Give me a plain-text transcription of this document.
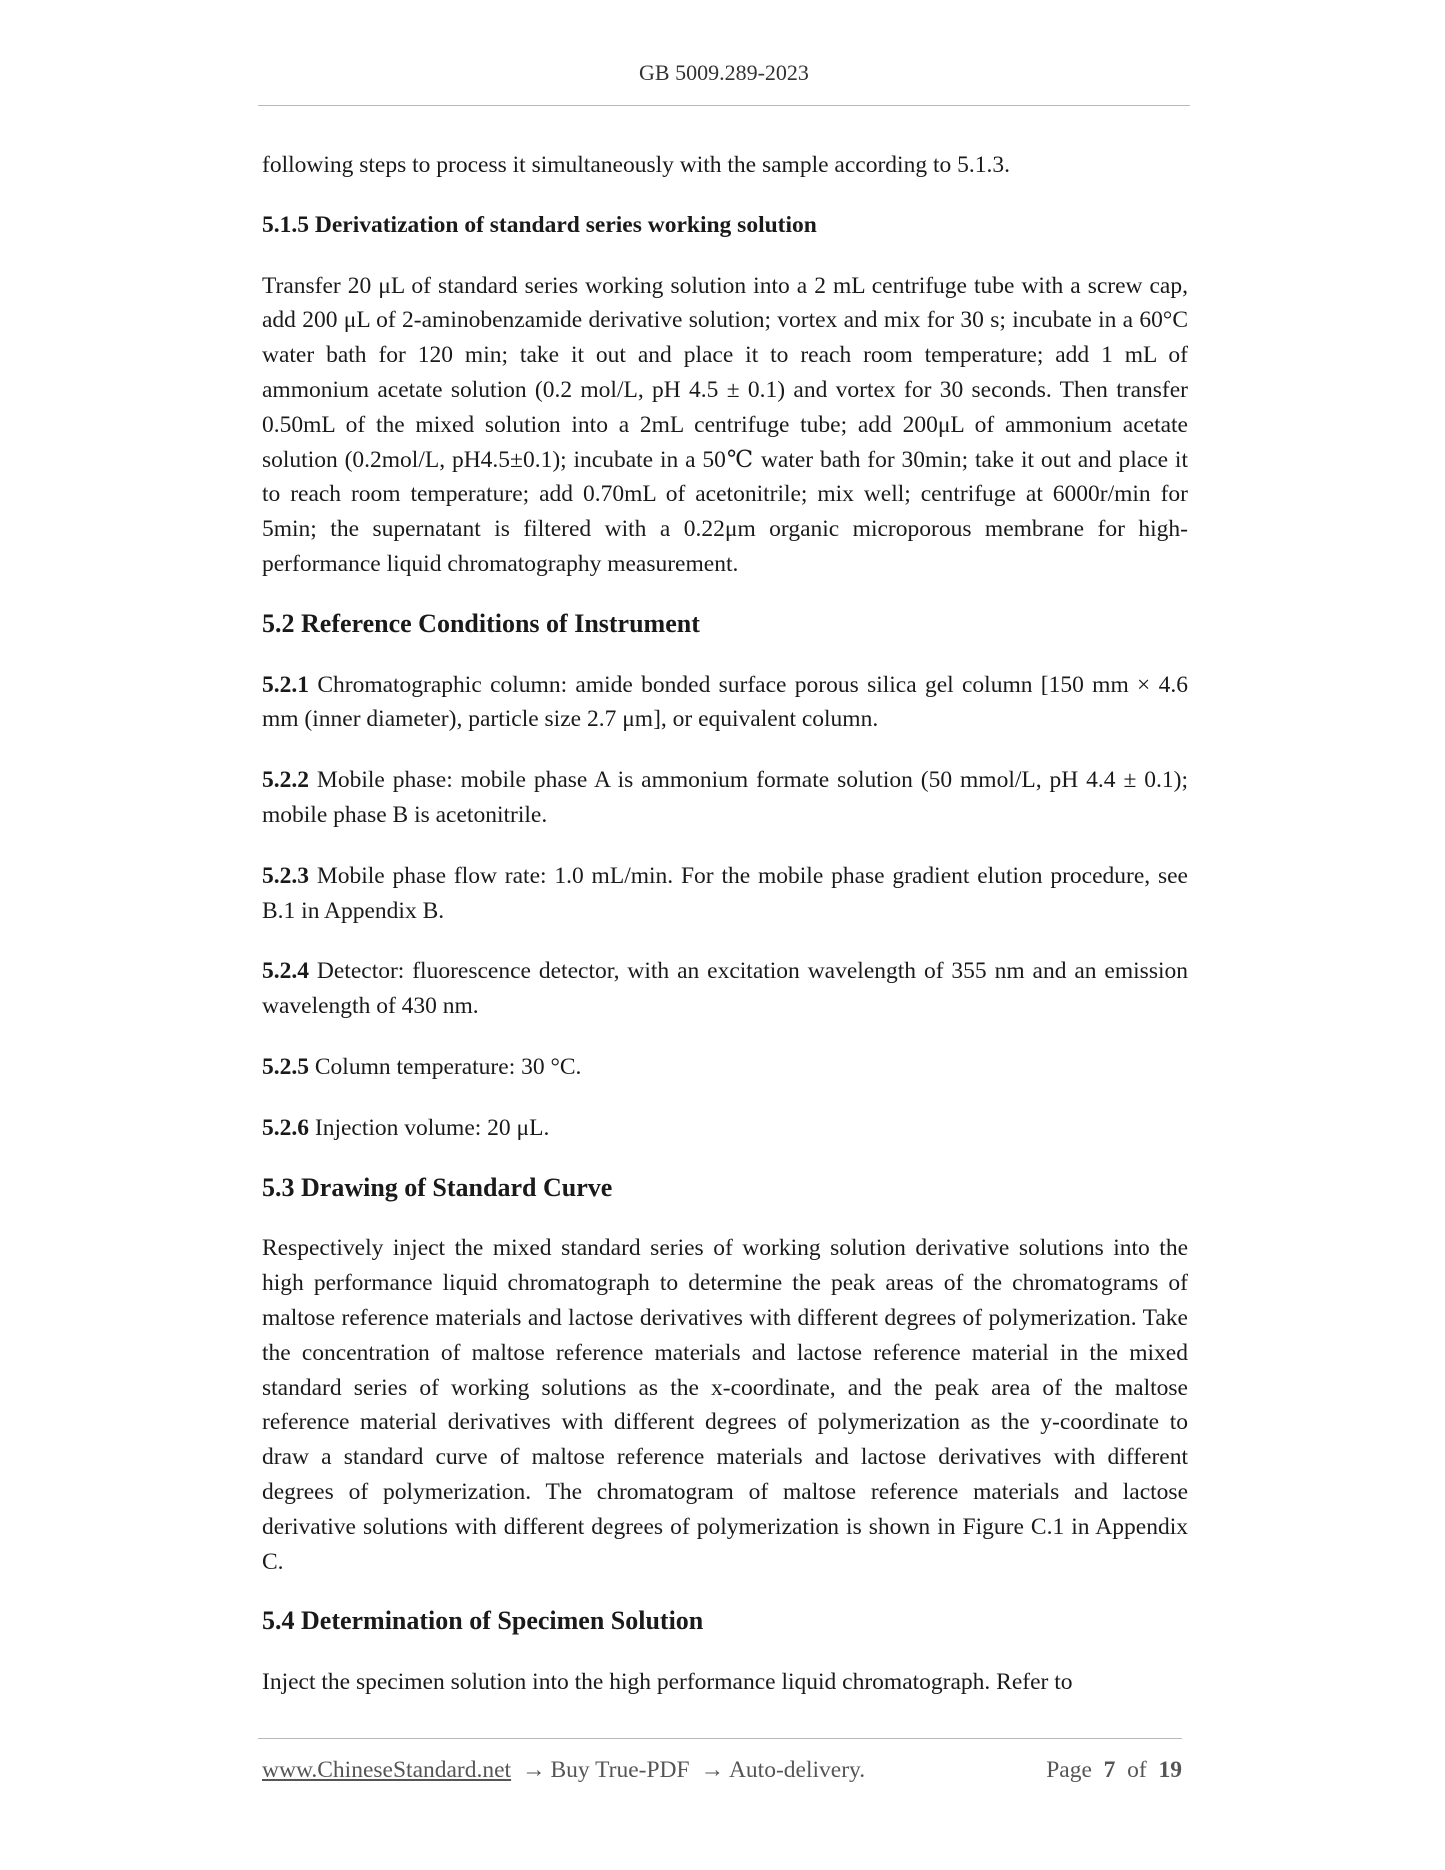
GB 5009.289-2023

following steps to process it simultaneously with the sample according to 5.1.3.

5.1.5 Derivatization of standard series working solution

Transfer 20 μL of standard series working solution into a 2 mL centrifuge tube with a screw cap, add 200 μL of 2-aminobenzamide derivative solution; vortex and mix for 30 s; incubate in a 60°C water bath for 120 min; take it out and place it to reach room temperature; add 1 mL of ammonium acetate solution (0.2 mol/L, pH 4.5 ± 0.1) and vortex for 30 seconds. Then transfer 0.50mL of the mixed solution into a 2mL centrifuge tube; add 200μL of ammonium acetate solution (0.2mol/L, pH4.5±0.1); incubate in a 50℃ water bath for 30min; take it out and place it to reach room temperature; add 0.70mL of acetonitrile; mix well; centrifuge at 6000r/min for 5min; the supernatant is filtered with a 0.22μm organic microporous membrane for high-performance liquid chromatography measurement.

5.2 Reference Conditions of Instrument

5.2.1 Chromatographic column: amide bonded surface porous silica gel column [150 mm × 4.6 mm (inner diameter), particle size 2.7 μm], or equivalent column.

5.2.2 Mobile phase: mobile phase A is ammonium formate solution (50 mmol/L, pH 4.4 ± 0.1); mobile phase B is acetonitrile.

5.2.3 Mobile phase flow rate: 1.0 mL/min. For the mobile phase gradient elution procedure, see B.1 in Appendix B.

5.2.4 Detector: fluorescence detector, with an excitation wavelength of 355 nm and an emission wavelength of 430 nm.

5.2.5 Column temperature: 30 °C.

5.2.6 Injection volume: 20 μL.

5.3 Drawing of Standard Curve

Respectively inject the mixed standard series of working solution derivative solutions into the high performance liquid chromatograph to determine the peak areas of the chromatograms of maltose reference materials and lactose derivatives with different degrees of polymerization. Take the concentration of maltose reference materials and lactose reference material in the mixed standard series of working solutions as the x-coordinate, and the peak area of the maltose reference material derivatives with different degrees of polymerization as the y-coordinate to draw a standard curve of maltose reference materials and lactose derivatives with different degrees of polymerization. The chromatogram of maltose reference materials and lactose derivative solutions with different degrees of polymerization is shown in Figure C.1 in Appendix C.

5.4 Determination of Specimen Solution

Inject the specimen solution into the high performance liquid chromatograph. Refer to

www.ChineseStandard.net → Buy True-PDF → Auto-delivery.	Page 7 of 19
